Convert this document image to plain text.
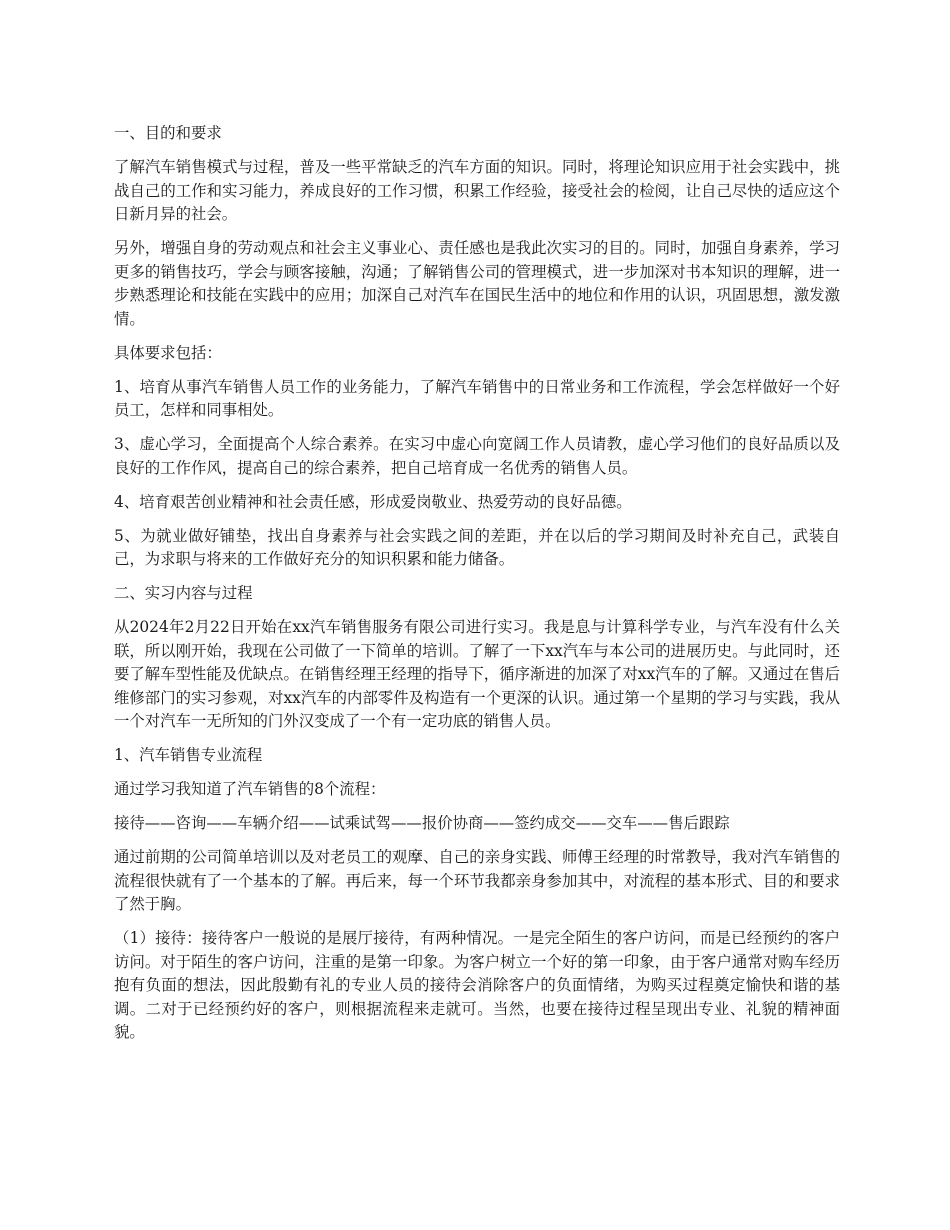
一、目的和要求

了解汽车销售模式与过程，普及一些平常缺乏的汽车方面的知识。同时，将理论知识应用于社会实践中，挑战自己的工作和实习能力，养成良好的工作习惯，积累工作经验，接受社会的检阅，让自己尽快的适应这个日新月异的社会。

另外，增强自身的劳动观点和社会主义事业心、责任感也是我此次实习的目的。同时，加强自身素养，学习更多的销售技巧，学会与顾客接触，沟通；了解销售公司的管理模式，进一步加深对书本知识的理解，进一步熟悉理论和技能在实践中的应用；加深自己对汽车在国民生活中的地位和作用的认识，巩固思想，激发激情。

具体要求包括：

1、培育从事汽车销售人员工作的业务能力，了解汽车销售中的日常业务和工作流程，学会怎样做好一个好员工，怎样和同事相处。

3、虚心学习，全面提高个人综合素养。在实习中虚心向宽阔工作人员请教，虚心学习他们的良好品质以及良好的工作作风，提高自己的综合素养，把自己培育成一名优秀的销售人员。

4、培育艰苦创业精神和社会责任感，形成爱岗敬业、热爱劳动的良好品德。

5、为就业做好铺垫，找出自身素养与社会实践之间的差距，并在以后的学习期间及时补充自己，武装自己，为求职与将来的工作做好充分的知识积累和能力储备。

二、实习内容与过程

从2024年2月22日开始在xx汽车销售服务有限公司进行实习。我是息与计算科学专业，与汽车没有什么关联，所以刚开始，我现在公司做了一下简单的培训。了解了一下xx汽车与本公司的进展历史。与此同时，还要了解车型性能及优缺点。在销售经理王经理的指导下，循序渐进的加深了对xx汽车的了解。又通过在售后维修部门的实习参观，对xx汽车的内部零件及构造有一个更深的认识。通过第一个星期的学习与实践，我从一个对汽车一无所知的门外汉变成了一个有一定功底的销售人员。

1、汽车销售专业流程

通过学习我知道了汽车销售的8个流程：

接待——咨询——车辆介绍——试乘试驾——报价协商——签约成交——交车——售后跟踪

通过前期的公司简单培训以及对老员工的观摩、自己的亲身实践、师傅王经理的时常教导，我对汽车销售的流程很快就有了一个基本的了解。再后来，每一个环节我都亲身参加其中，对流程的基本形式、目的和要求了然于胸。

（1）接待：接待客户一般说的是展厅接待，有两种情况。一是完全陌生的客户访问，而是已经预约的客户访问。对于陌生的客户访问，注重的是第一印象。为客户树立一个好的第一印象，由于客户通常对购车经历抱有负面的想法，因此殷勤有礼的专业人员的接待会消除客户的负面情绪，为购买过程奠定愉快和谐的基调。二对于已经预约好的客户，则根据流程来走就可。当然，也要在接待过程呈现出专业、礼貌的精神面貌。
